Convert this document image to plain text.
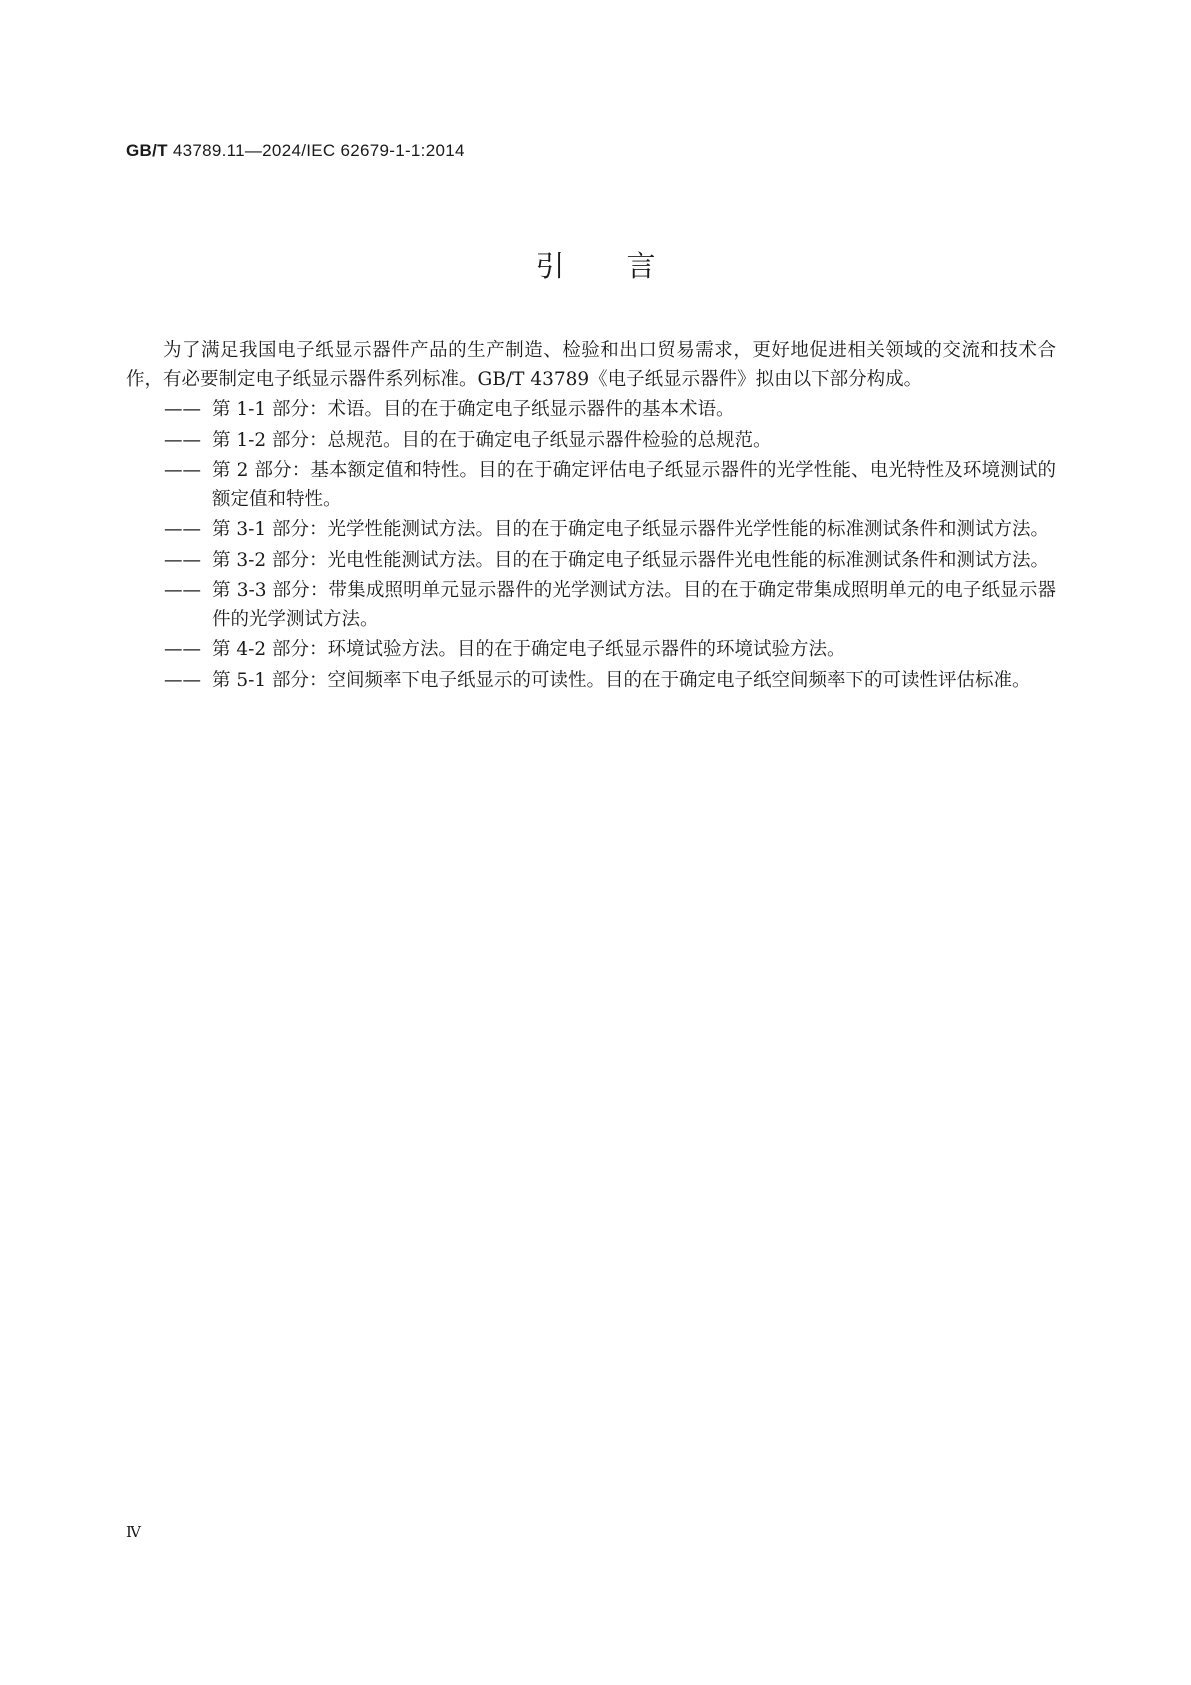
GB/T 43789.11—2024/IEC 62679-1-1:2014
引言

为了满足我国电子纸显示器件产品的生产制造、检验和出口贸易需求，更好地促进相关领域的交流和技术合作，有必要制定电子纸显示器件系列标准。GB/T 43789《电子纸显示器件》拟由以下部分构成。

—— 第 1-1 部分：术语。目的在于确定电子纸显示器件的基本术语。
—— 第 1-2 部分：总规范。目的在于确定电子纸显示器件检验的总规范。
—— 第 2 部分：基本额定值和特性。目的在于确定评估电子纸显示器件的光学性能、电光特性及环境测试的额定值和特性。
—— 第 3-1 部分：光学性能测试方法。目的在于确定电子纸显示器件光学性能的标准测试条件和测试方法。
—— 第 3-2 部分：光电性能测试方法。目的在于确定电子纸显示器件光电性能的标准测试条件和测试方法。
—— 第 3-3 部分：带集成照明单元显示器件的光学测试方法。目的在于确定带集成照明单元的电子纸显示器件的光学测试方法。
—— 第 4-2 部分：环境试验方法。目的在于确定电子纸显示器件的环境试验方法。
—— 第 5-1 部分：空间频率下电子纸显示的可读性。目的在于确定电子纸空间频率下的可读性评估标准。
Ⅳ
